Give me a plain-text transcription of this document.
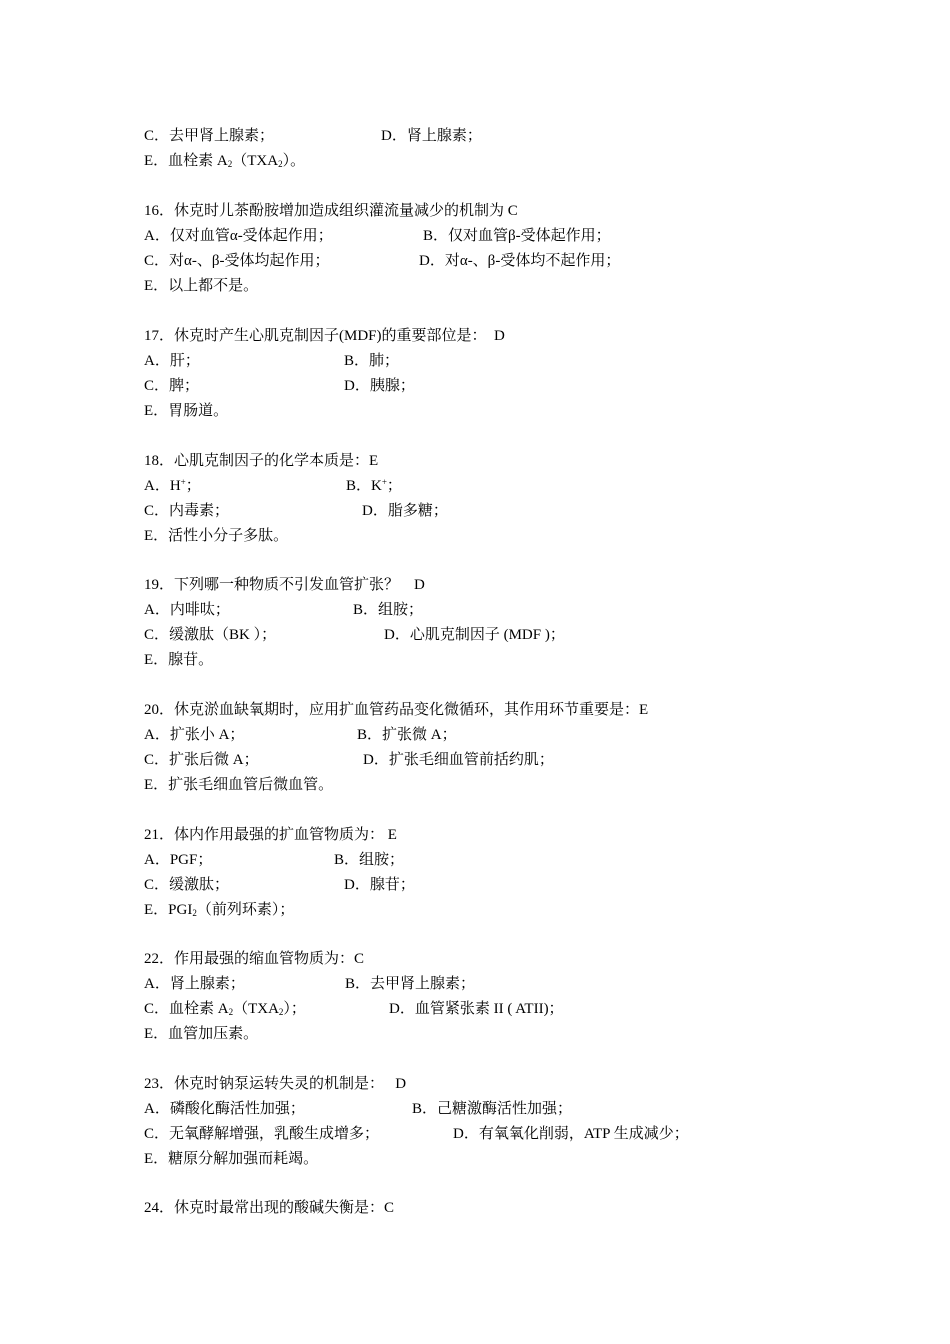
C．去甲肾上腺素；

	D．肾上腺素；

E．血栓素 $A_2(TXA_2)$。
16．休克时儿茶酚胺增加造成组织灌流量减少的机制为 C

A．仅对血管α-受体起作用；

	B．仅对血管β-受体起作用；

C．对α-、β-受体均起作用；

	D．对α-、β-受体均不起作用；

E．以上都不是。
17．休克时产生心肌克制因子(MDF)的重要部位是：  D

A．肝；

	B．肺；

C．脾；

	D．胰腺；

E．胃肠道。
18．心肌克制因子的化学本质是：E

A．H+；

	B．K+；

C．内毒素；

	D．脂多糖；

E．活性小分子多肽。
19．下列哪一种物质不引发血管扩张？    D

A．内啡呔；

	B．组胺；

C．缓激肽（BK ）；

	D．心肌克制因子 (MDF )；

E．腺苷。
20．休克淤血缺氧期时，应用扩血管药品变化微循环，其作用环节重要是：E

A．扩张小 A；

	B．扩张微 A；

C．扩张后微 A；

	D．扩张毛细血管前括约肌；

E．扩张毛细血管后微血管。
21．体内作用最强的扩血管物质为： E

A．PGF；

	B．组胺；

C．缓激肽；

	D．腺苷；

E．$PGI_2$（前列环素）；
22．作用最强的缩血管物质为：C

A．肾上腺素；

	B．去甲肾上腺素；

C．血栓素 $A_2(TXA_2)$；

	D．血管紧张素 II ( ATII)；

E．血管加压素。
23．休克时钠泵运转失灵的机制是：   D

A．磷酸化酶活性加强；

	B．己糖激酶活性加强；

C．无氧酵解增强，乳酸生成增多；

	D．有氧氧化削弱，ATP 生成减少；

E．糖原分解加强而耗竭。
24．休克时最常出现的酸碱失衡是：C
